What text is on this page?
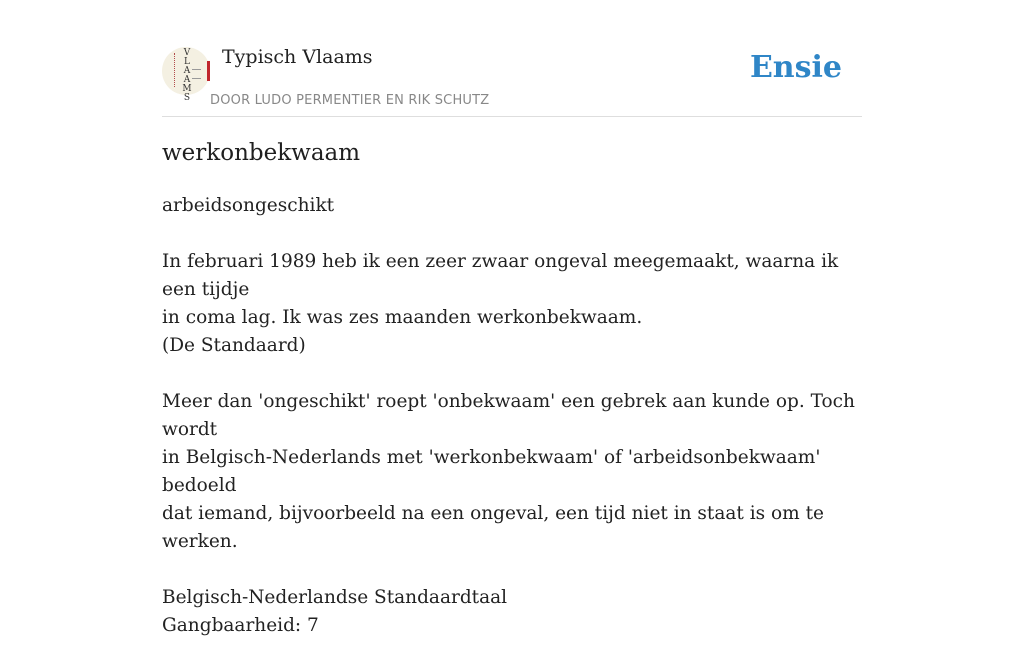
VLAAMS
Typisch Vlaams
DOOR LUDO PERMENTIER EN RIK SCHUTZ
Ensie
werkonbekwaam

arbeidsongeschikt

In februari 1989 heb ik een zeer zwaar ongeval meegemaakt, waarna ik een tijdje
in coma lag. Ik was zes maanden werkonbekwaam.
(De Standaard)

Meer dan 'ongeschikt' roept 'onbekwaam' een gebrek aan kunde op. Toch wordt
in Belgisch-Nederlands met 'werkonbekwaam' of 'arbeidsonbekwaam' bedoeld
dat iemand, bijvoorbeeld na een ongeval, een tijd niet in staat is om te werken.

Belgisch-Nederlandse Standaardtaal
Gangbaarheid: 7
